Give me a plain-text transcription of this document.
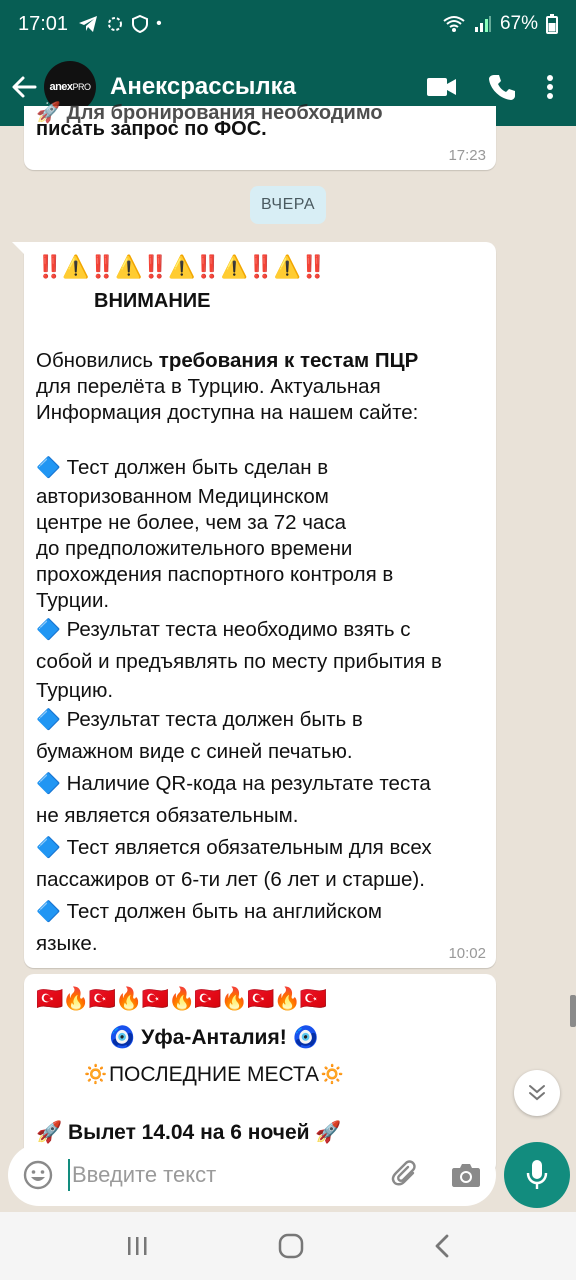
17:01	•	67%
anex PRO Анексрассылка
🚀 Для бронирования необходимо
писать запрос по ФОС.
17:23
ВЧЕРА
‼️⚠️‼️⚠️‼️⚠️‼️⚠️‼️⚠️‼️
ВНИМАНИЕ
Обновились требования к тестам ПЦР
для перелёта в Турцию. Актуальная Информация доступна на нашем сайте:
🔷 Тест должен быть сделан в
авторизованном Медицинском
центре не более, чем за 72 часа
до предположительного времени
прохождения паспортного контроля в
Турции.
🔷 Результат теста необходимо взять с
собой и предъявлять по месту прибытия в
Турцию.
🔷 Результат теста должен быть в
бумажном виде с синей печатью.
🔷 Наличие QR-кода на результате теста
не является обязательным.
🔷 Тест является обязательным для всех
пассажиров от 6-ти лет (6 лет и старше).
🔷 Тест должен быть на английском
языке.	10:02
🇹🇷🔥🇹🇷🔥🇹🇷🔥🇹🇷🔥🇹🇷🔥🇹🇷
🧿 Уфа-Анталия! 🧿
🔅ПОСЛЕДНИЕ МЕСТА🔅
🚀 Вылет 14.04 на 6 ночей 🚀
Введите текст
